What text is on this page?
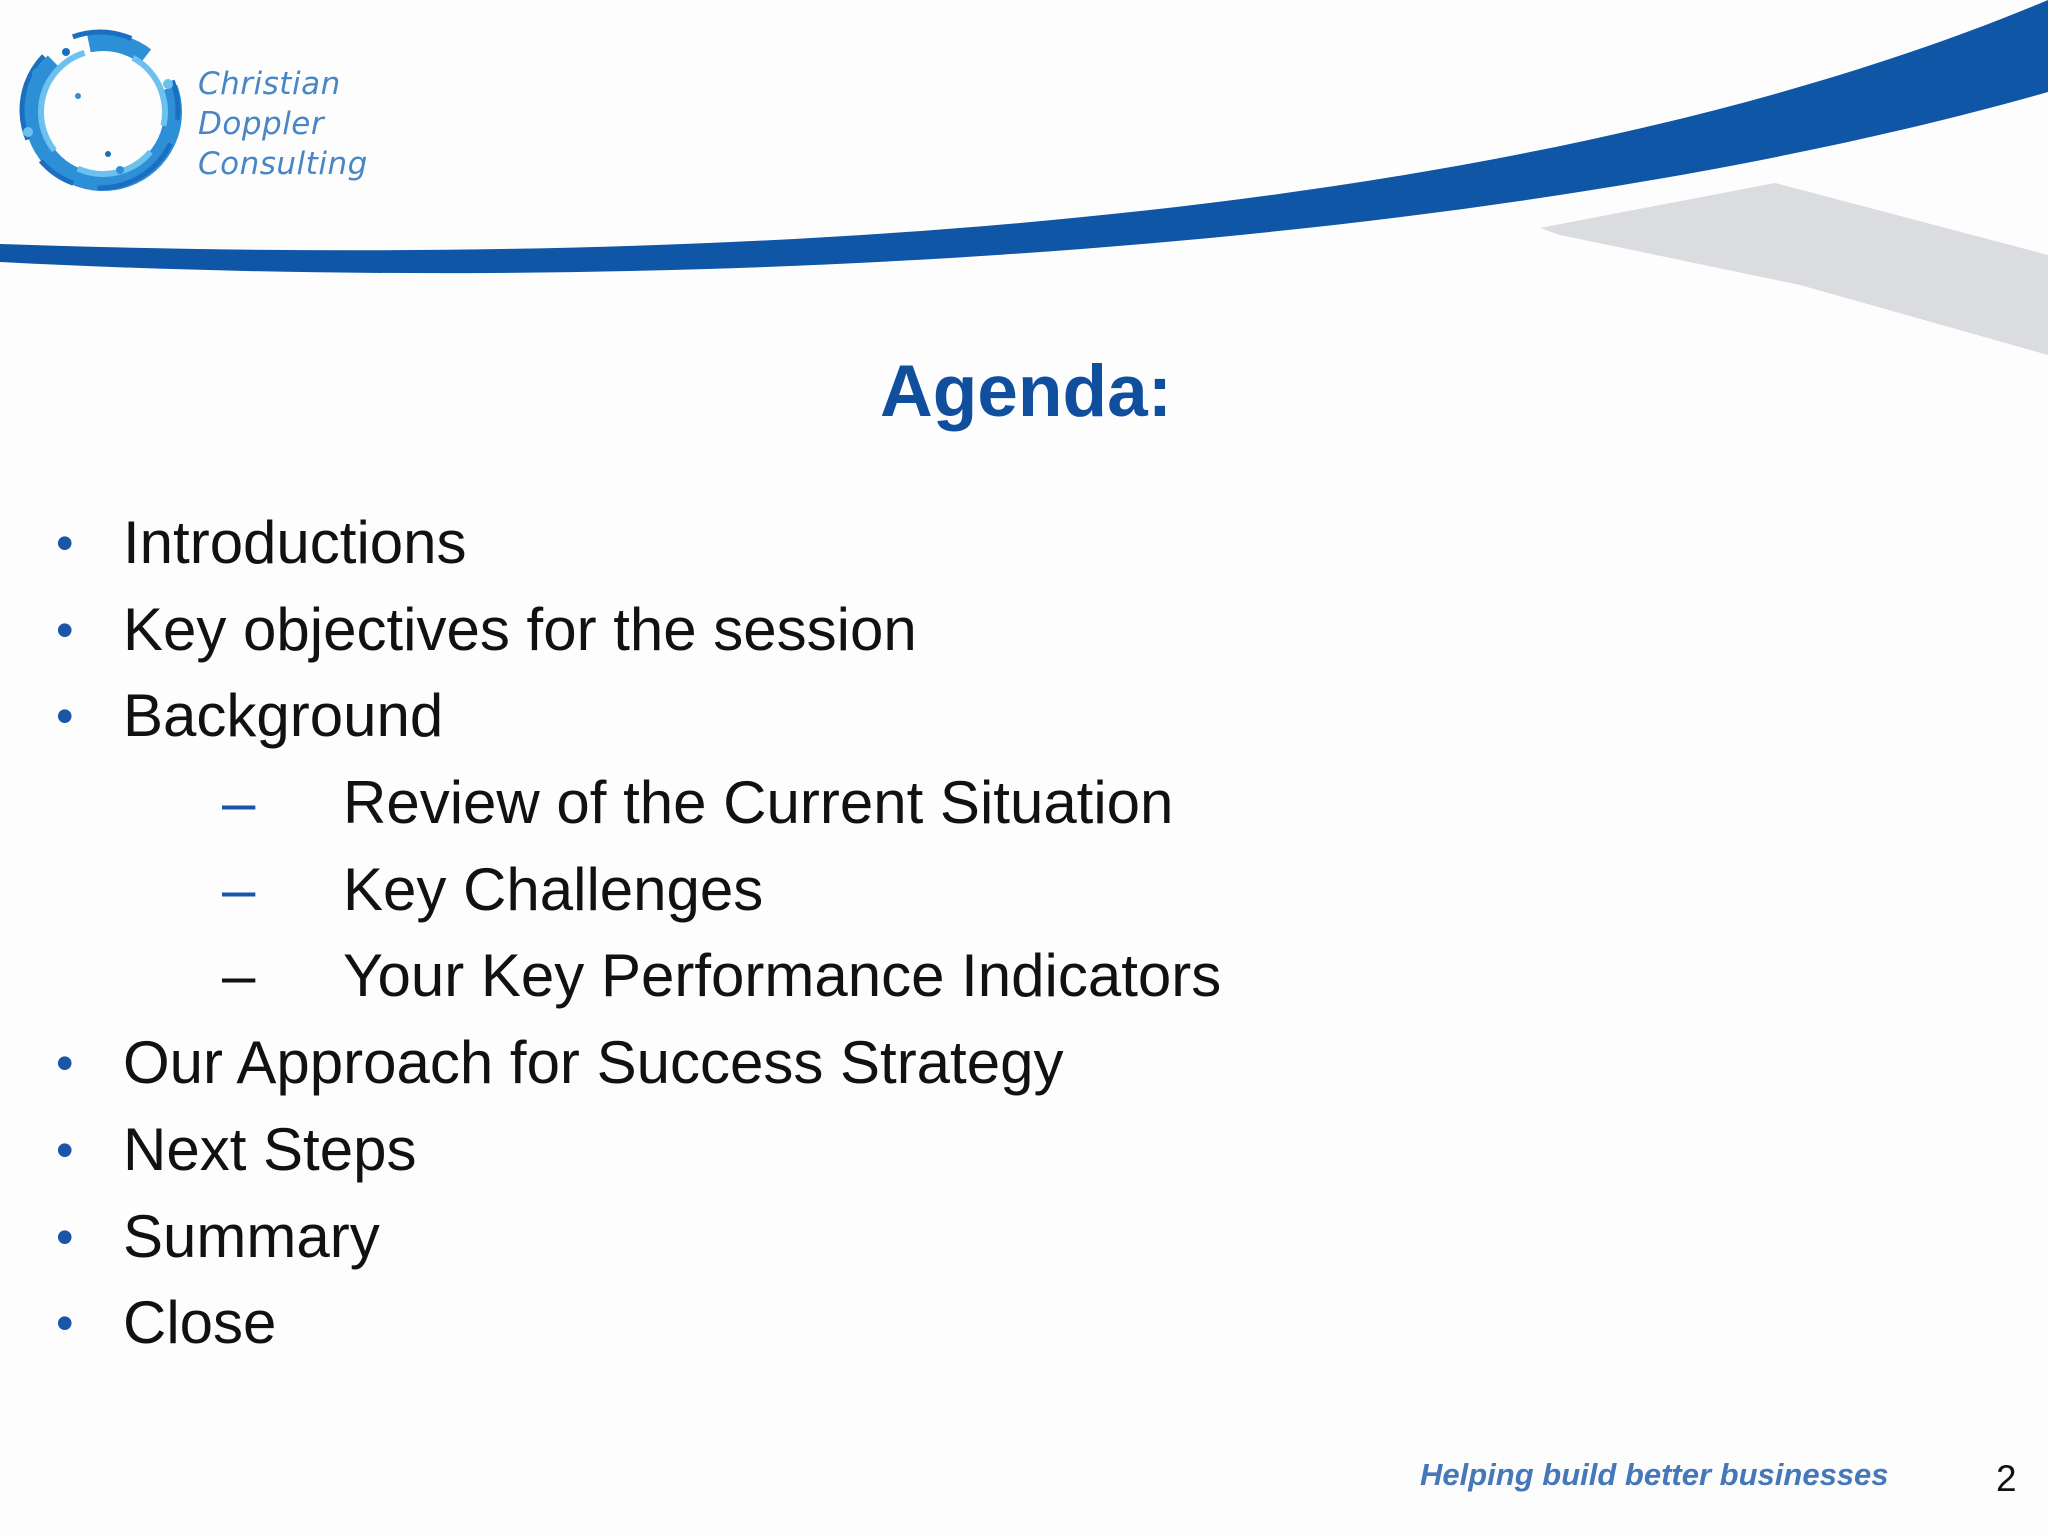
Christian
Doppler
Consulting
Agenda:
• Introductions
• Key objectives for the session
• Background
– Review of the Current Situation
– Key Challenges
– Your Key Performance Indicators
• Our Approach for Success Strategy
• Next Steps
• Summary
• Close
Helping build better businesses	2
